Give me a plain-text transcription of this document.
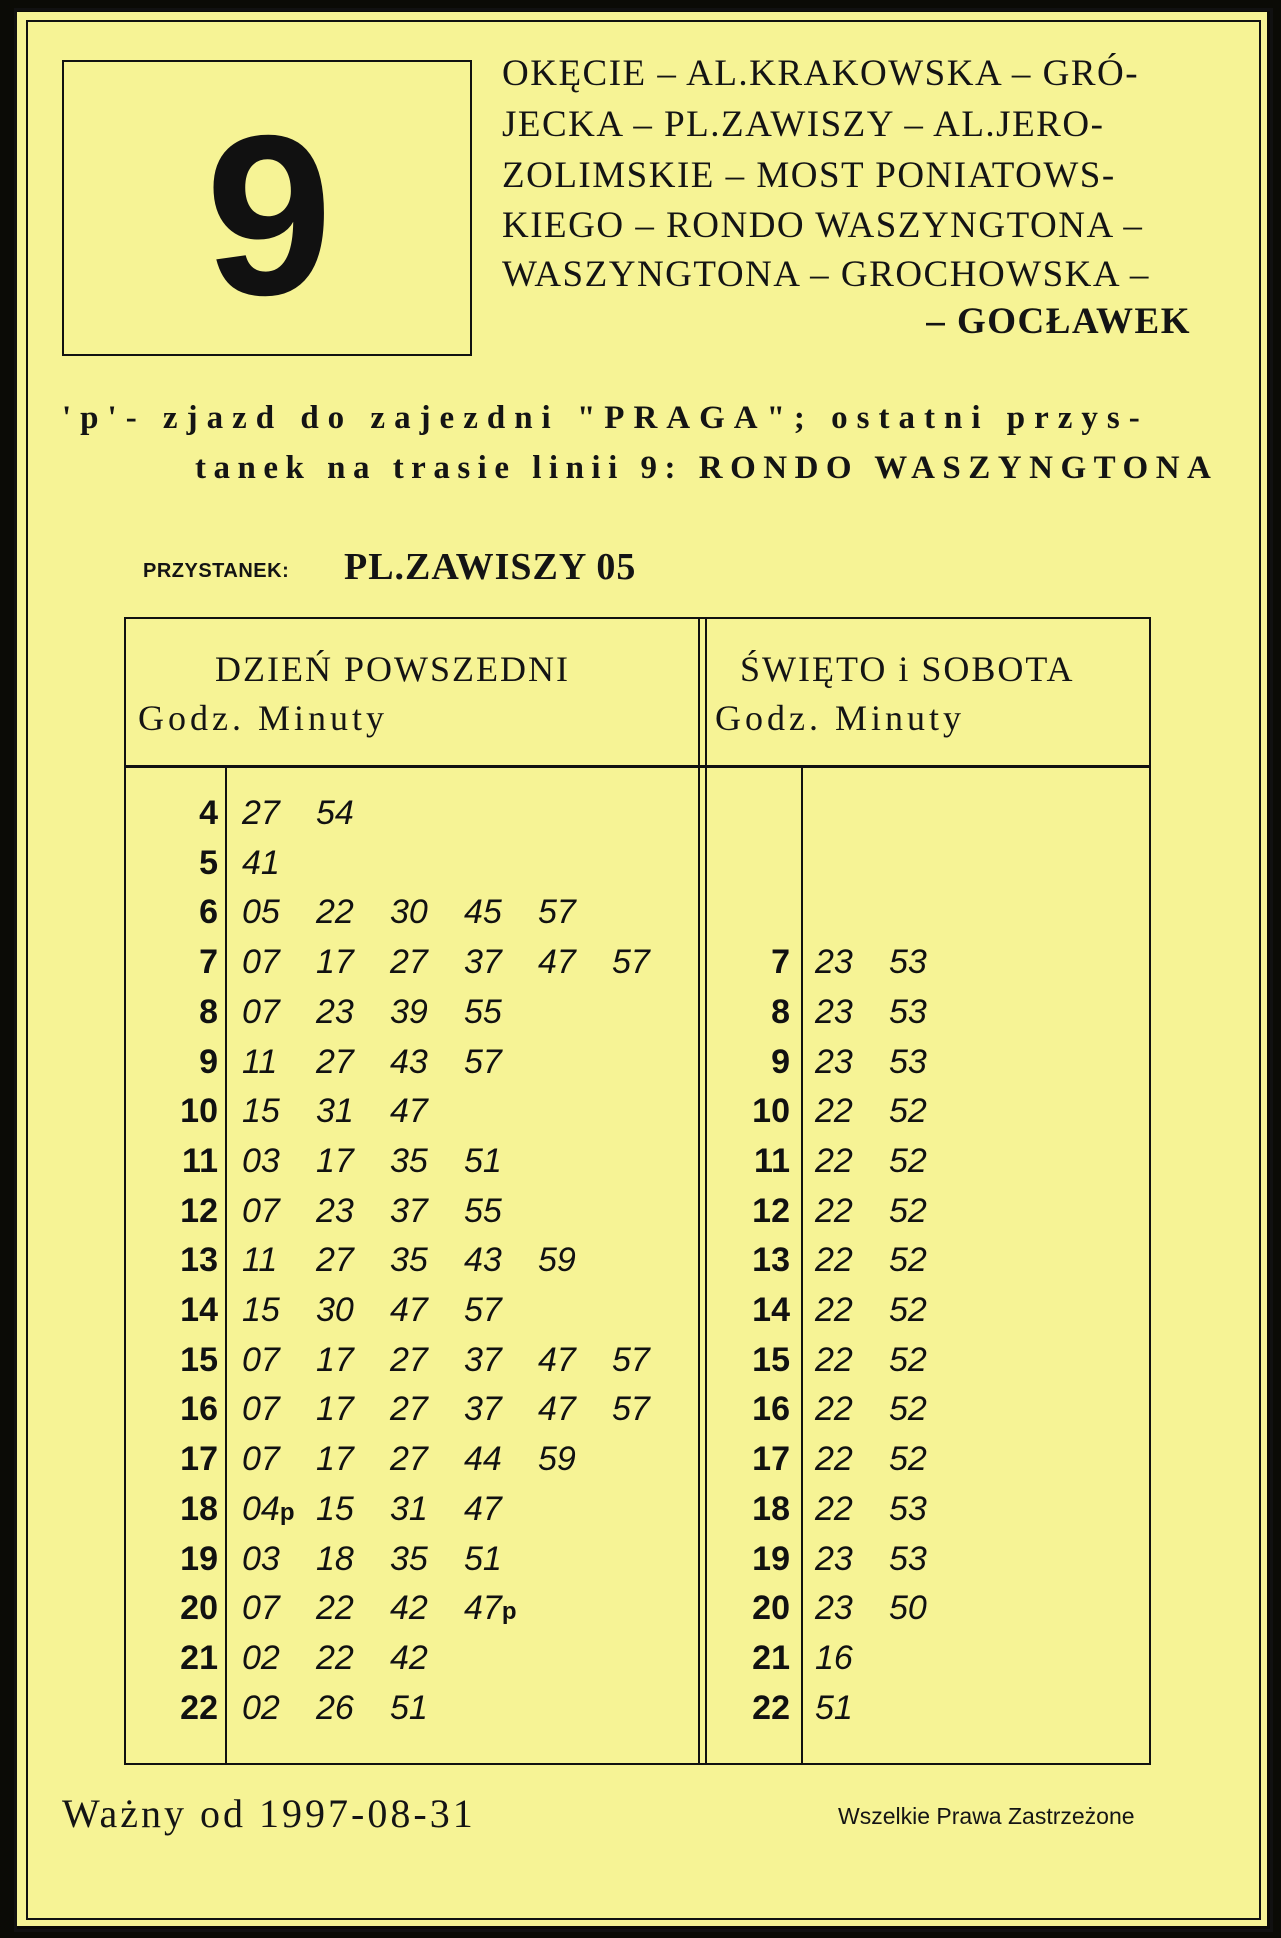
9
OKĘCIE – AL.KRAKOWSKA – GRÓ-
JECKA – PL.ZAWISZY – AL.JERO-
ZOLIMSKIE – MOST PONIATOWS-
KIEGO – RONDO WASZYNGTONA –
WASZYNGTONA – GROCHOWSKA –
– GOCŁAWEK
'p'- zjazd do zajezdni "PRAGA"; ostatni przys-
tanek na trasie linii 9: RONDO WASZYNGTONA
PRZYSTANEK: PL.ZAWISZY 05
DZIEŃ POWSZEDNI
Godz. Minuty
ŚWIĘTO i SOBOTA
Godz. Minuty
4 27 54
5 41
6 05 22 30 45 57
7 07 17 27 37 47 57
8 07 23 39 55
9 11 27 43 57
10 15 31 47
11 03 17 35 51
12 07 23 37 55
13 11 27 35 43 59
14 15 30 47 57
15 07 17 27 37 47 57
16 07 17 27 37 47 57
17 07 17 27 44 59
18 04p 15 31 47
19 03 18 35 51
20 07 22 42 47p
21 02 22 42
22 02 26 51
7 23 53
8 23 53
9 23 53
10 22 52
11 22 52
12 22 52
13 22 52
14 22 52
15 22 52
16 22 52
17 22 52
18 22 53
19 23 53
20 23 50
21 16
22 51
Ważny od 1997-08-31	Wszelkie Prawa Zastrzeżone
